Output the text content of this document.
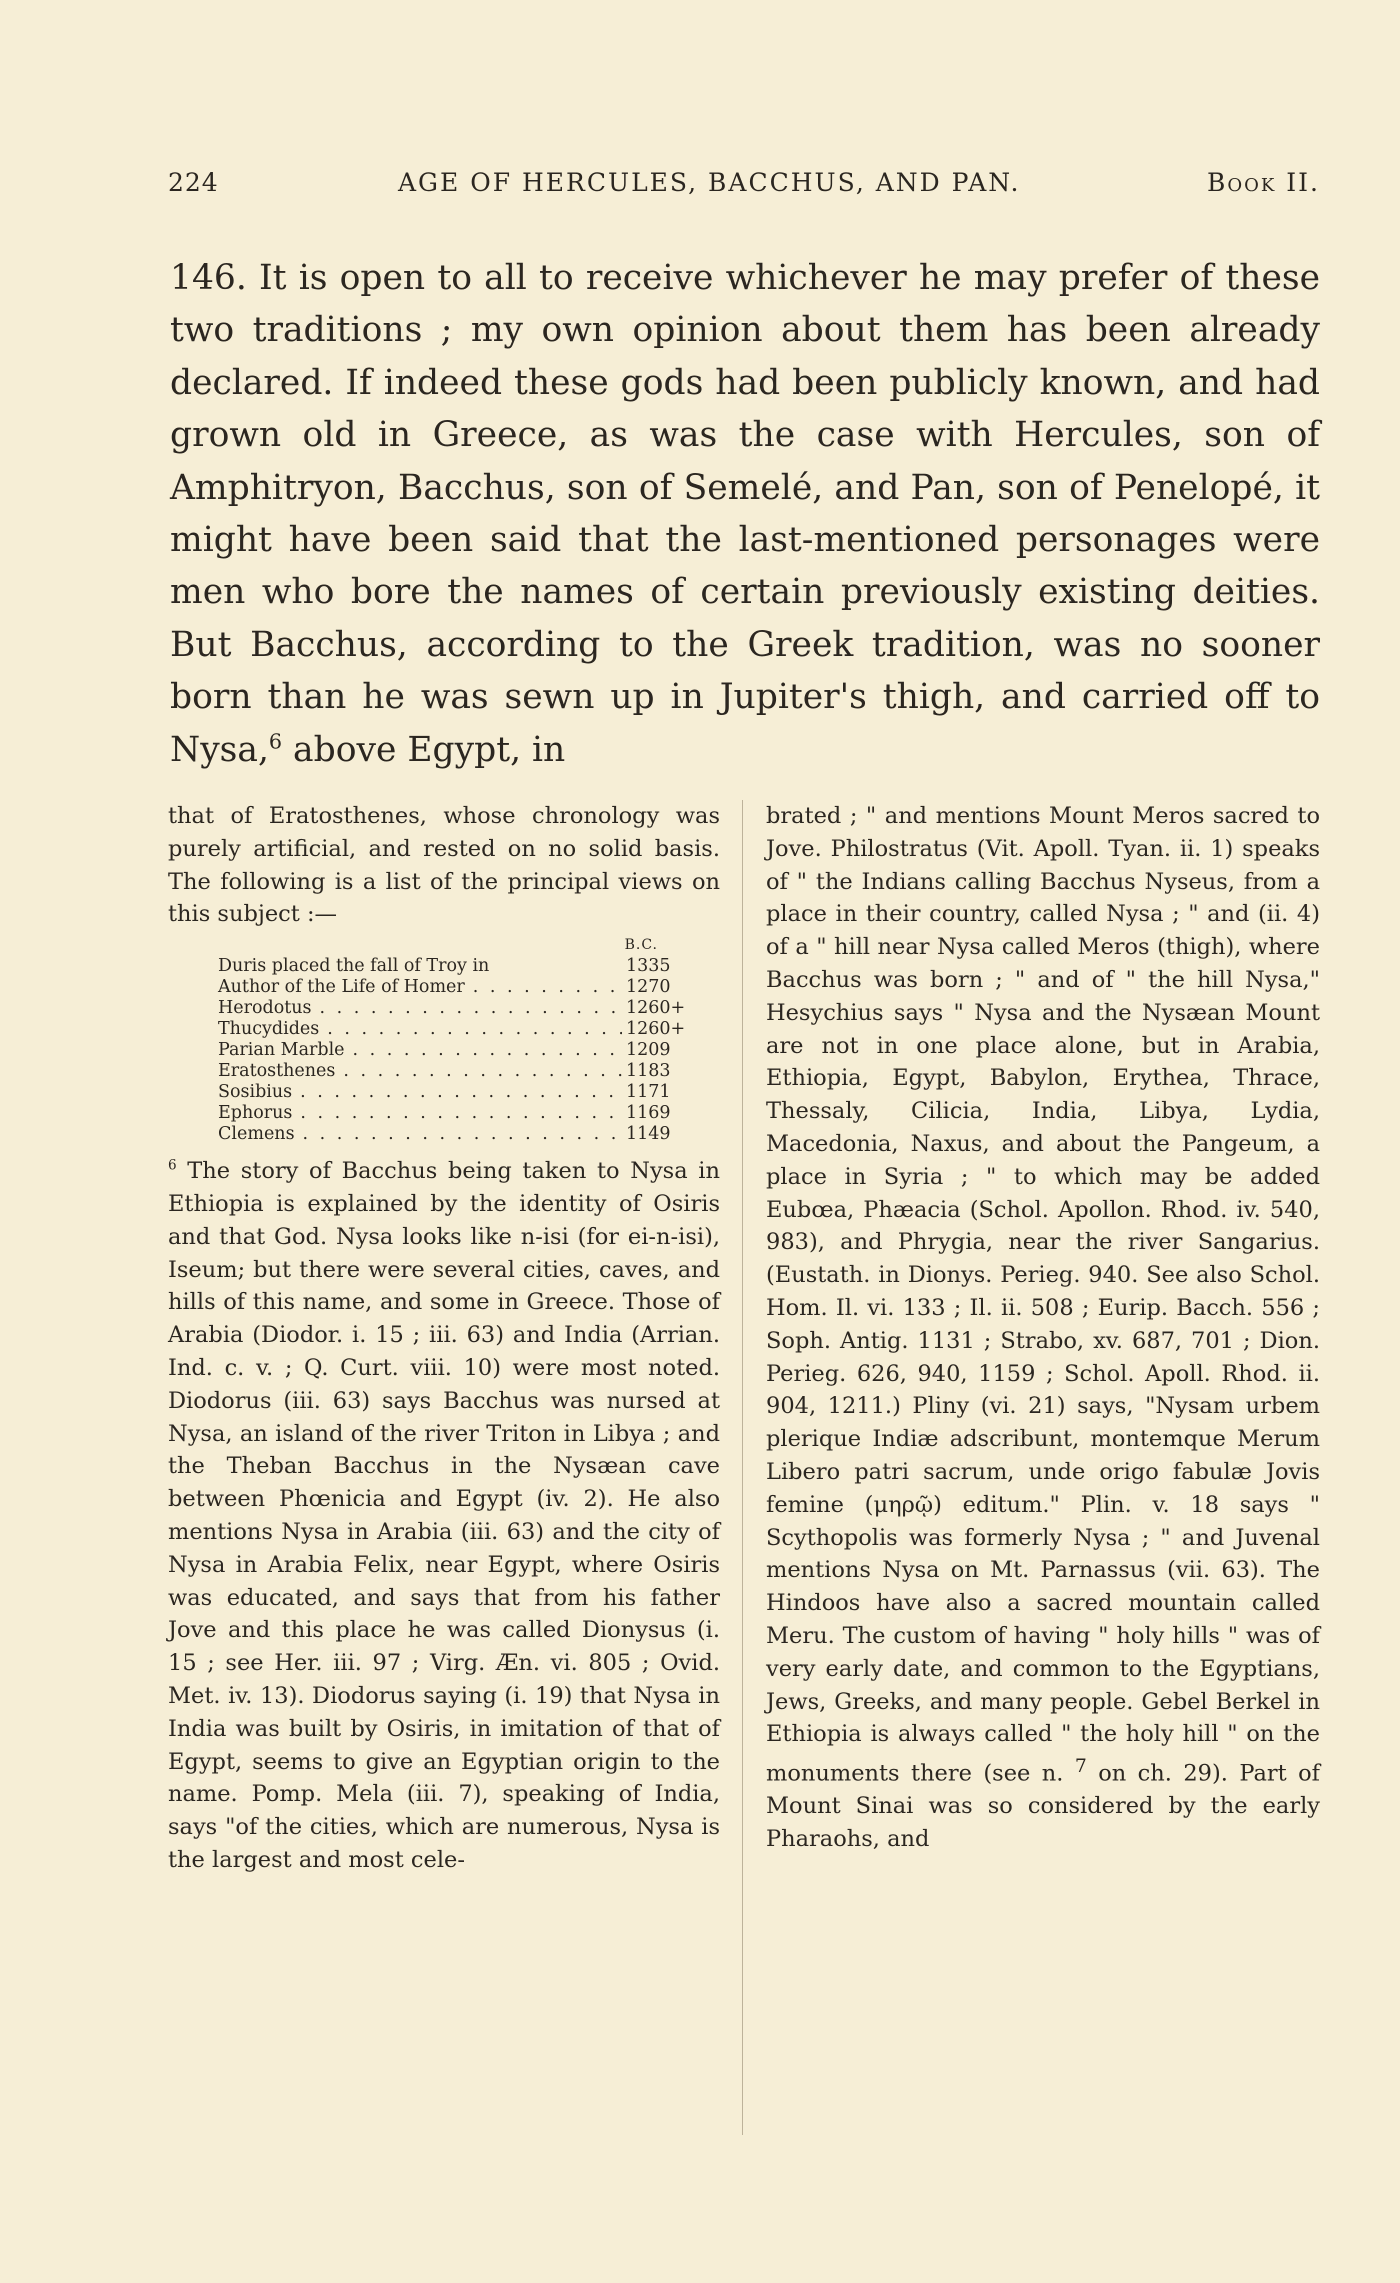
224	AGE OF HERCULES, BACCHUS, AND PAN.	Book II.

146. It is open to all to receive whichever he may prefer of these two traditions ; my own opinion about them has been already declared. If indeed these gods had been publicly known, and had grown old in Greece, as was the case with Hercules, son of Amphitryon, Bacchus, son of Semelé, and Pan, son of Penelopé, it might have been said that the last-mentioned personages were men who bore the names of certain previously existing deities. But Bacchus, according to the Greek tradition, was no sooner born than he was sewn up in Jupiter's thigh, and carried off to Nysa,$^6$ above Egypt, in

that of Eratosthenes, whose chronology was purely artificial, and rested on no solid basis. The following is a list of the principal views on this subject :—

B.C.
Duris placed the fall of Troy in	1335
Author of the Life of Homer . . .	1270
Herodotus . . .	1260+
Thucydides . . .	1260+
Parian Marble . . .	1209
Eratosthenes . . .	1183
Sosibius . . .	1171
Ephorus . . .	1169
Clemens . . .	1149

$^6$ The story of Bacchus being taken to Nysa in Ethiopia is explained by the identity of Osiris and that God. Nysa looks like n-isi (for ei-n-isi), Iseum; but there were several cities, caves, and hills of this name, and some in Greece. Those of Arabia (Diodor. i. 15 ; iii. 63) and India (Arrian. Ind. c. v. ; Q. Curt. viii. 10) were most noted. Diodorus (iii. 63) says Bacchus was nursed at Nysa, an island of the river Triton in Libya ; and the Theban Bacchus in the Nysæan cave between Phœnicia and Egypt (iv. 2). He also mentions Nysa in Arabia (iii. 63) and the city of Nysa in Arabia Felix, near Egypt, where Osiris was educated, and says that from his father Jove and this place he was called Dionysus (i. 15 ; see Her. iii. 97 ; Virg. Æn. vi. 805 ; Ovid. Met. iv. 13). Diodorus saying (i. 19) that Nysa in India was built by Osiris, in imitation of that of Egypt, seems to give an Egyptian origin to the name. Pomp. Mela (iii. 7), speaking of India, says "of the cities, which are numerous, Nysa is the largest and most cele-

brated ; " and mentions Mount Meros sacred to Jove. Philostratus (Vit. Apoll. Tyan. ii. 1) speaks of " the Indians calling Bacchus Nyseus, from a place in their country, called Nysa ; " and (ii. 4) of a " hill near Nysa called Meros (thigh), where Bacchus was born ; " and of " the hill Nysa," Hesychius says " Nysa and the Nysæan Mount are not in one place alone, but in Arabia, Ethiopia, Egypt, Babylon, Erythea, Thrace, Thessaly, Cilicia, India, Libya, Lydia, Macedonia, Naxus, and about the Pangeum, a place in Syria ; " to which may be added Eubœa, Phæacia (Schol. Apollon. Rhod. iv. 540, 983), and Phrygia, near the river Sangarius. (Eustath. in Dionys. Perieg. 940. See also Schol. Hom. Il. vi. 133 ; Il. ii. 508 ; Eurip. Bacch. 556 ; Soph. Antig. 1131 ; Strabo, xv. 687, 701 ; Dion. Perieg. 626, 940, 1159 ; Schol. Apoll. Rhod. ii. 904, 1211.) Pliny (vi. 21) says, "Nysam urbem plerique Indiæ adscribunt, montemque Merum Libero patri sacrum, unde origo fabulæ Jovis femine (μηρῷ) editum." Plin. v. 18 says " Scythopolis was formerly Nysa ; " and Juvenal mentions Nysa on Mt. Parnassus (vii. 63). The Hindoos have also a sacred mountain called Meru. The custom of having " holy hills " was of very early date, and common to the Egyptians, Jews, Greeks, and many people. Gebel Berkel in Ethiopia is always called " the holy hill " on the monuments there (see n. $^7$ on ch. 29). Part of Mount Sinai was so considered by the early Pharaohs, and
